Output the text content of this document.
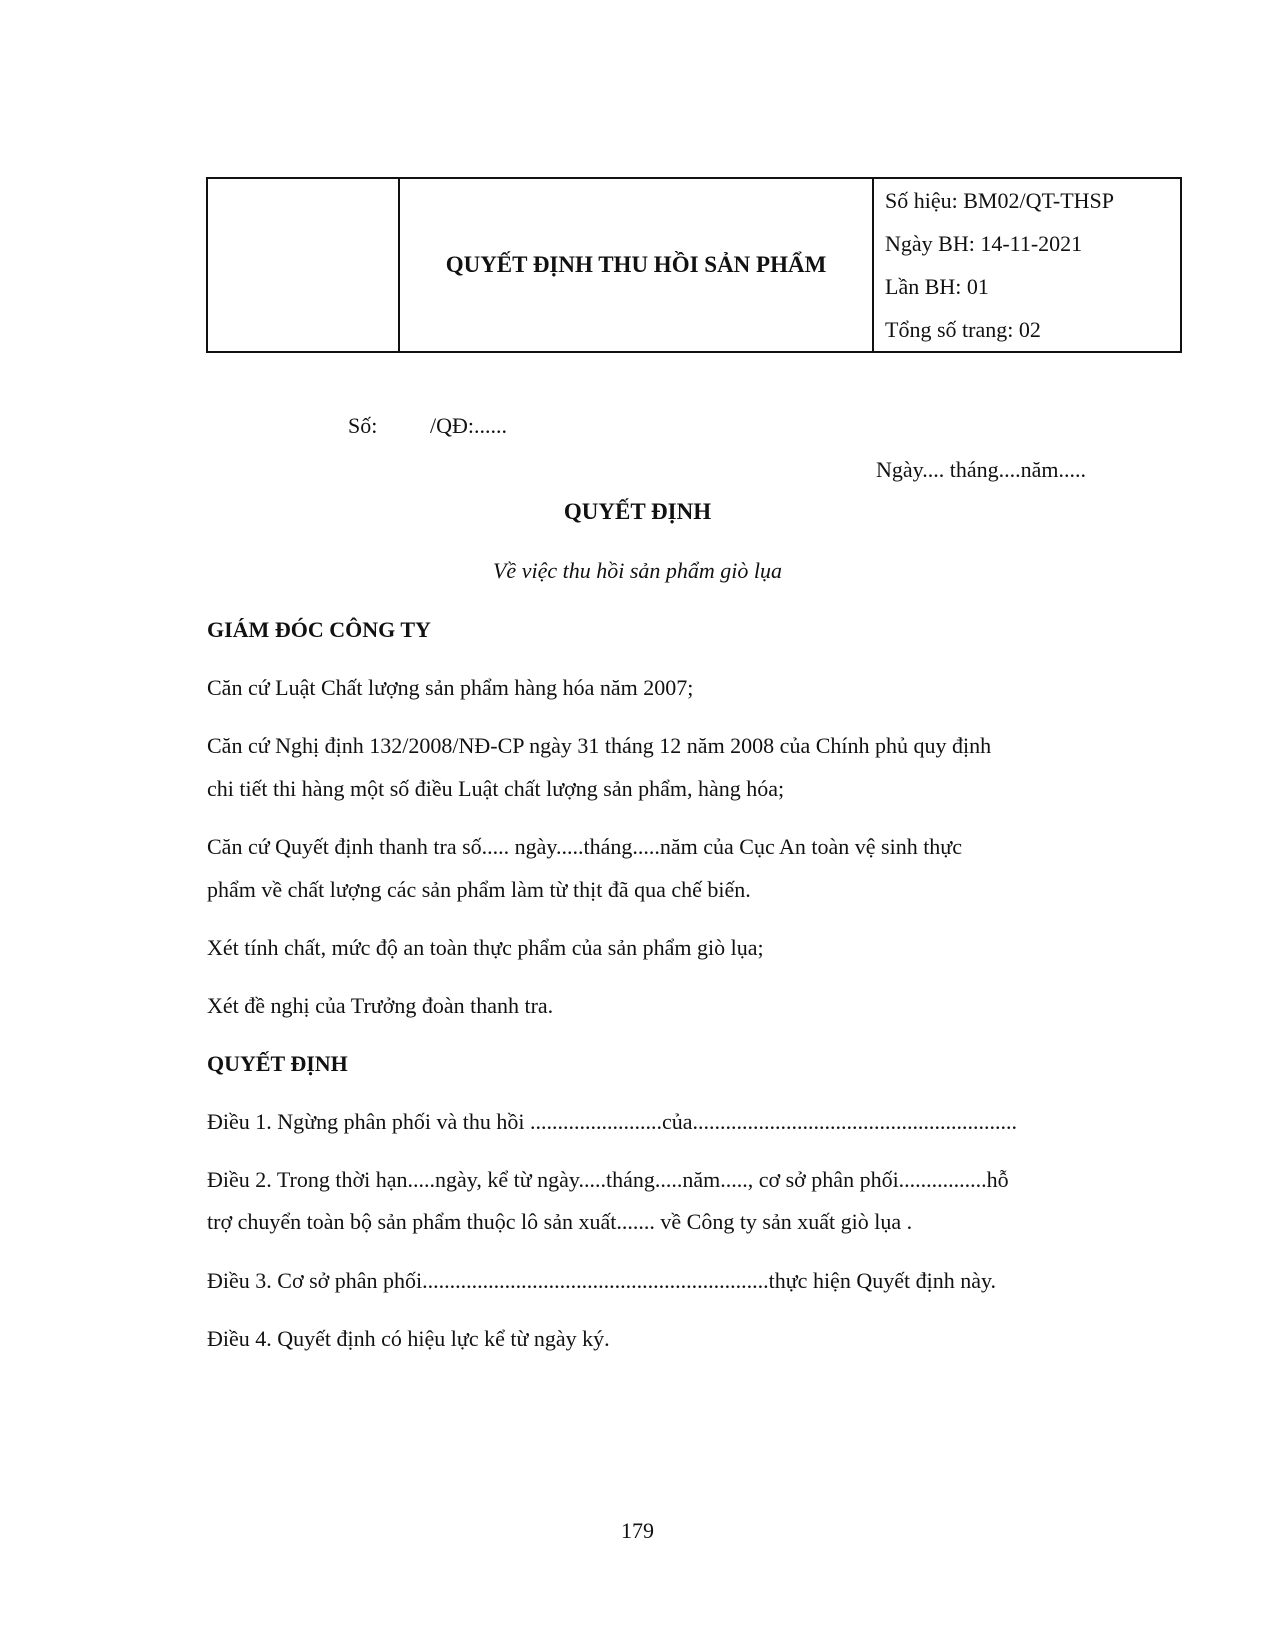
	QUYẾT ĐỊNH THU HỒI SẢN PHẨM	
Số hiệu: BM02/QT-THSP
Ngày BH: 14-11-2021
Lần BH: 01
Tổng số trang: 02
Số: /QĐ:......
Ngày.... tháng....năm.....
QUYẾT ĐỊNH
Về việc thu hồi sản phẩm giò lụa
GIÁM ĐÓC CÔNG TY
Căn cứ Luật Chất lượng sản phẩm hàng hóa năm 2007;
Căn cứ Nghị định 132/2008/NĐ-CP ngày 31 tháng 12 năm 2008 của Chính phủ quy định
chi tiết thi hàng một số điều Luật chất lượng sản phẩm, hàng hóa;
Căn cứ Quyết định thanh tra số..... ngày.....tháng.....năm của Cục An toàn vệ sinh thực
phẩm về chất lượng các sản phẩm làm từ thịt đã qua chế biến.
Xét tính chất, mức độ an toàn thực phẩm của sản phẩm giò lụa;
Xét đề nghị của Trưởng đoàn thanh tra.
QUYẾT ĐỊNH
Điều 1. Ngừng phân phối và thu hồi ........................của...........................................................
Điều 2. Trong thời hạn.....ngày, kể từ ngày.....tháng.....năm....., cơ sở phân phối................hỗ
trợ chuyển toàn bộ sản phẩm thuộc lô sản xuất....... về Công ty sản xuất giò lụa .
Điều 3. Cơ sở phân phối...............................................................thực hiện Quyết định này.
Điều 4. Quyết định có hiệu lực kể từ ngày ký.
179
